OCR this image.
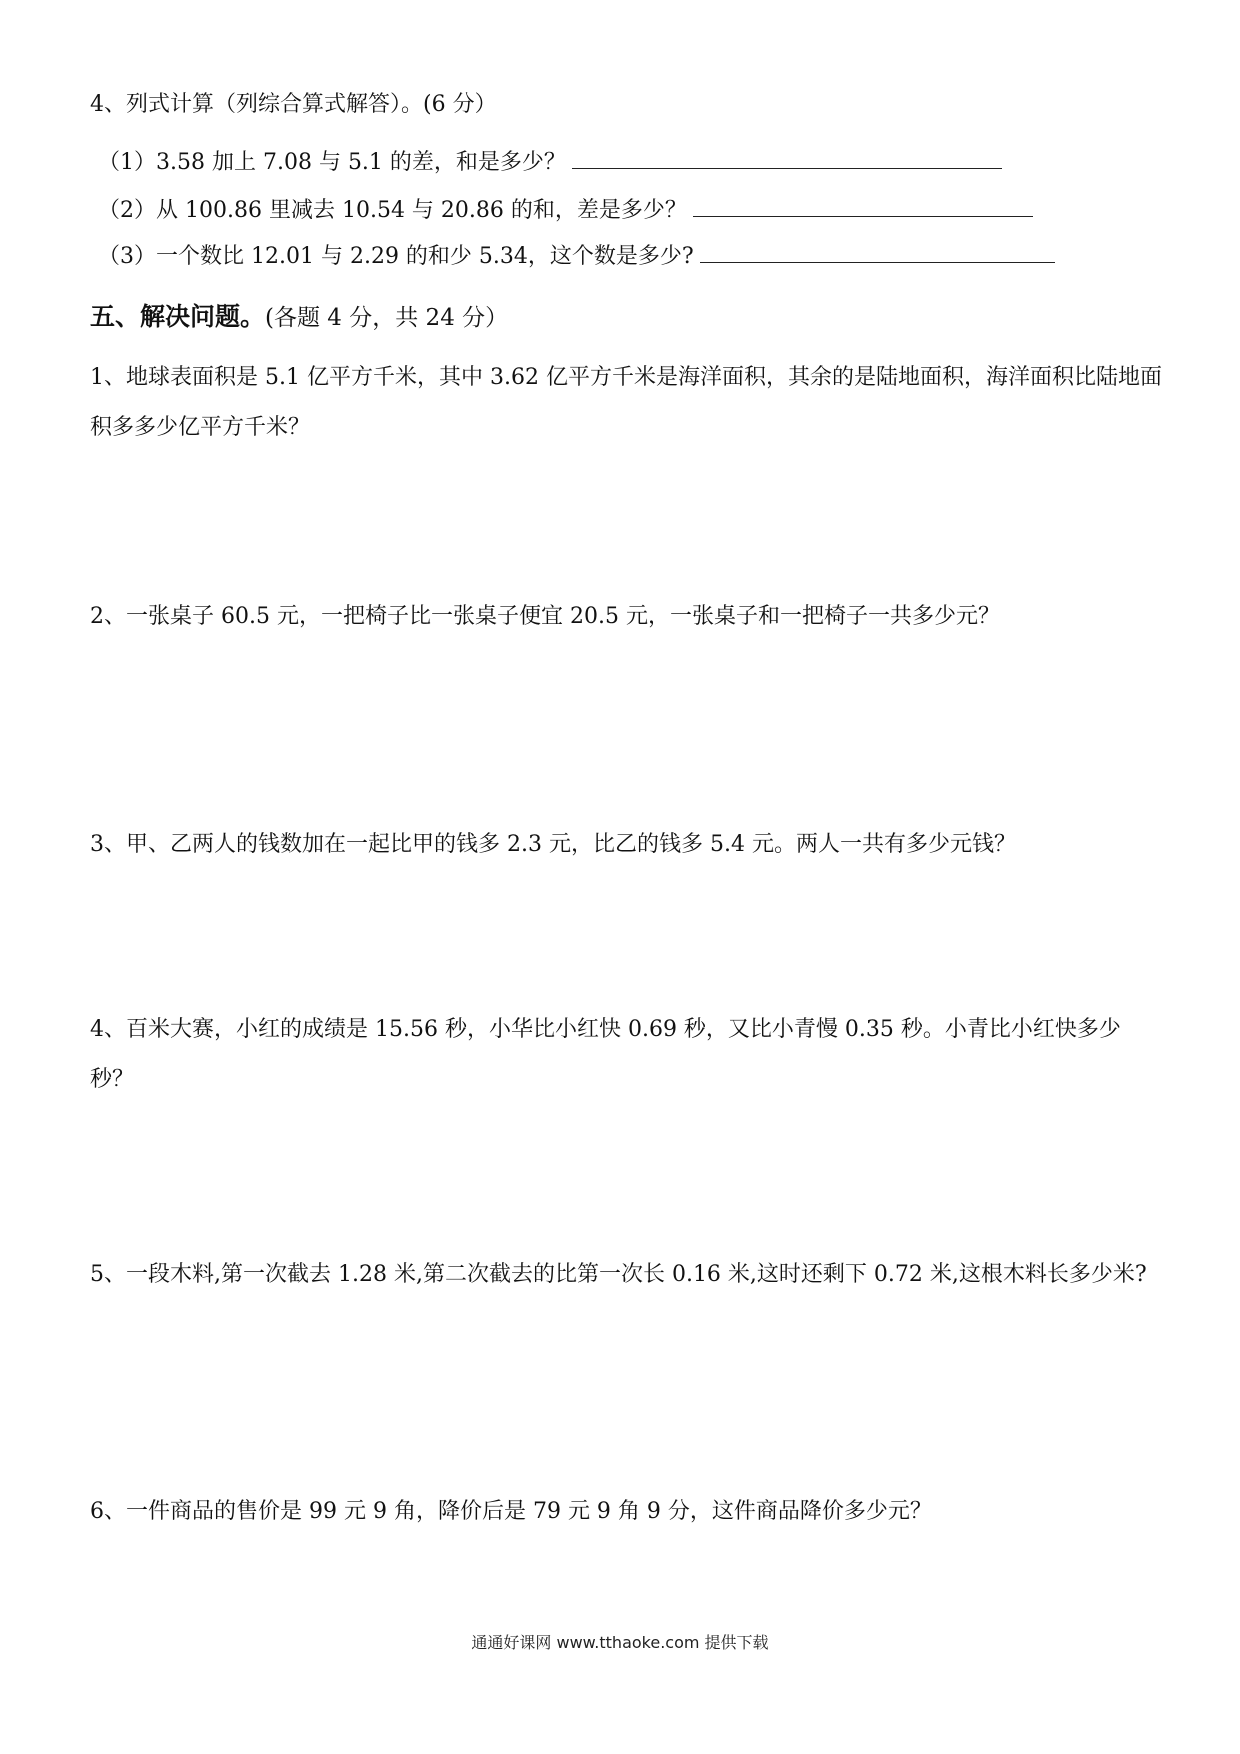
4、列式计算（列综合算式解答）。(6 分）
（1）3.58 加上 7.08 与 5.1 的差，和是多少？
（2）从 100.86 里减去 10.54 与 20.86 的和，差是多少？
（3）一个数比 12.01 与 2.29 的和少 5.34，这个数是多少?
五、解决问题。(各题 4 分，共 24 分）
1、地球表面积是 5.1 亿平方千米，其中 3.62 亿平方千米是海洋面积，其余的是陆地面积，海洋面积比陆地面积多多少亿平方千米？
2、一张桌子 60.5 元，一把椅子比一张桌子便宜 20.5 元，一张桌子和一把椅子一共多少元？
3、甲、乙两人的钱数加在一起比甲的钱多 2.3 元，比乙的钱多 5.4 元。两人一共有多少元钱？
4、百米大赛，小红的成绩是 15.56 秒，小华比小红快 0.69 秒，又比小青慢 0.35 秒。小青比小红快多少秒？
5、一段木料,第一次截去 1.28 米,第二次截去的比第一次长 0.16 米,这时还剩下 0.72 米,这根木料长多少米?
6、一件商品的售价是 99 元 9 角，降价后是 79 元 9 角 9 分，这件商品降价多少元？
通通好课网 www.tthaoke.com 提供下载
